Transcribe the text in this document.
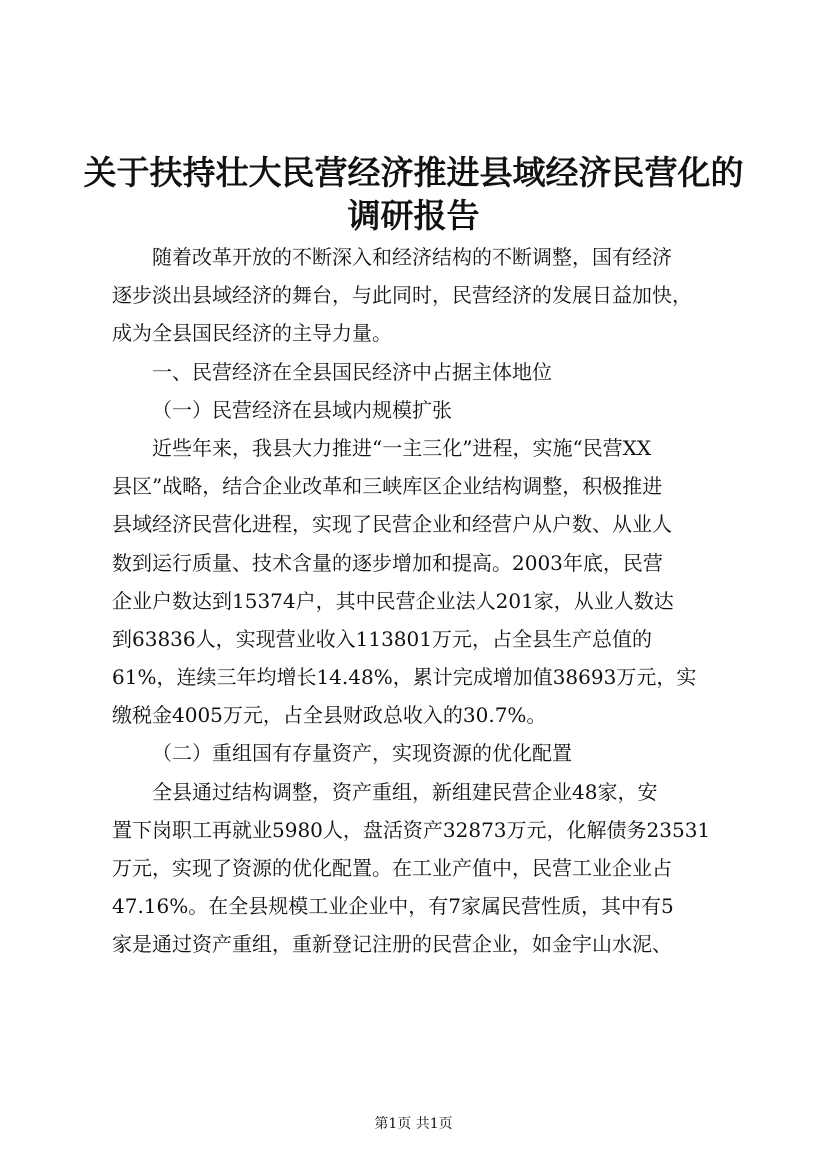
关于扶持壮大民营经济推进县域经济民营化的
调研报告
随着改革开放的不断深入和经济结构的不断调整，国有经济
逐步淡出县域经济的舞台，与此同时，民营经济的发展日益加快，
成为全县国民经济的主导力量。
一、民营经济在全县国民经济中占据主体地位
（一）民营经济在县域内规模扩张
近些年来，我县大力推进“一主三化”进程，实施“民营XX
县区”战略，结合企业改革和三峡库区企业结构调整，积极推进
县域经济民营化进程，实现了民营企业和经营户从户数、从业人
数到运行质量、技术含量的逐步增加和提高。2003年底，民营
企业户数达到15374户，其中民营企业法人201家，从业人数达
到63836人，实现营业收入113801万元，占全县生产总值的
61%，连续三年均增长14.48%，累计完成增加值38693万元，实
缴税金4005万元，占全县财政总收入的30.7%。
（二）重组国有存量资产，实现资源的优化配置
全县通过结构调整，资产重组，新组建民营企业48家，安
置下岗职工再就业5980人，盘活资产32873万元，化解债务23531
万元，实现了资源的优化配置。在工业产值中，民营工业企业占
47.16%。在全县规模工业企业中，有7家属民营性质，其中有5
家是通过资产重组，重新登记注册的民营企业，如金宇山水泥、
第1页 共1页
